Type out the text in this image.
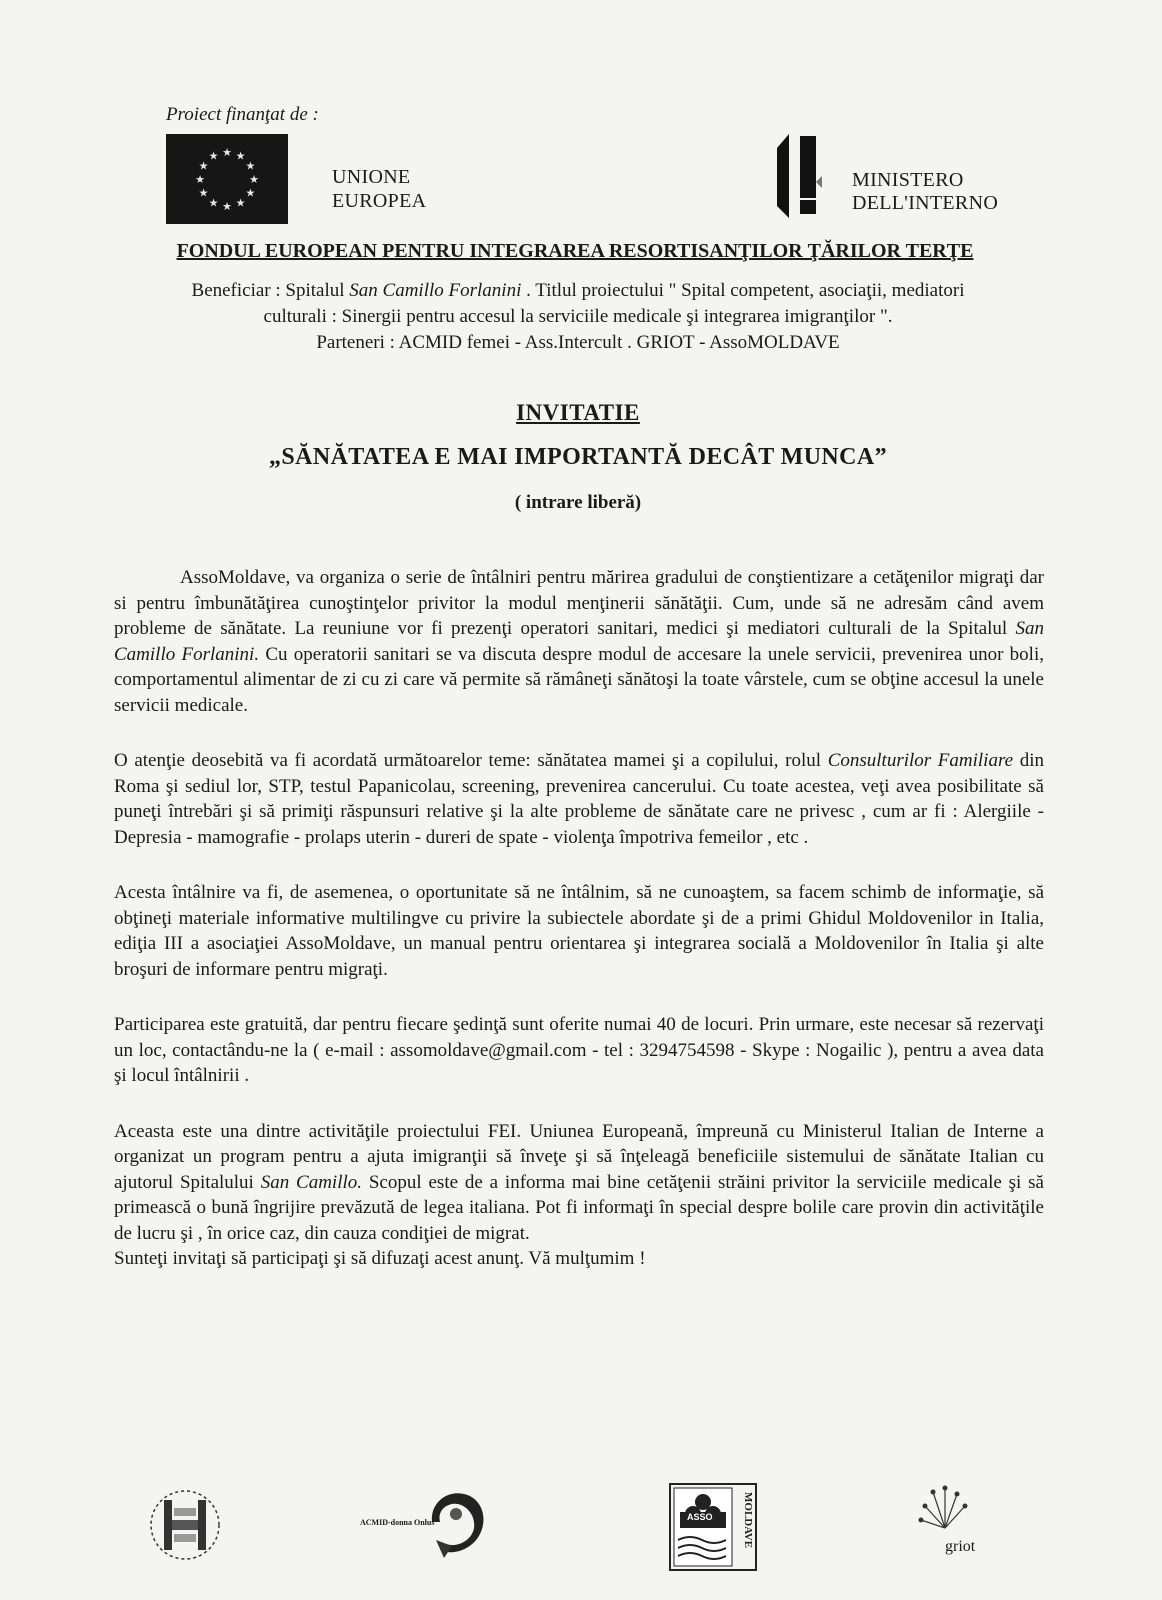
Proiect finanţat de :
★ ★
★
★
★
★
★
★
★
★
★
★
UNIONE
EUROPEA
MINISTERO
DELL'INTERNO
FONDUL EUROPEAN PENTRU INTEGRAREA RESORTISANŢILOR ŢĂRILOR TERŢE
Beneficiar : Spitalul San Camillo Forlanini . Titlul proiectului " Spital competent, asociaţii, mediatori
culturali : Sinergii pentru accesul la serviciile medicale şi integrarea imigranţilor ".
Parteneri : ACMID femei - Ass.Intercult . GRIOT - AssoMOLDAVE
INVITATIE
„SĂNĂTATEA E MAI IMPORTANTĂ DECÂT MUNCA”
( intrare liberă)

AssoMoldave, va organiza o serie de întâlniri pentru mărirea gradului de conştientizare a cetăţenilor migraţi dar si pentru îmbunătăţirea cunoştinţelor privitor la modul menţinerii sănătăţii. Cum, unde să ne adresăm când avem probleme de sănătate. La reuniune vor fi prezenţi operatori sanitari, medici şi mediatori culturali de la Spitalul San Camillo Forlanini. Cu operatorii sanitari se va discuta despre modul de accesare la unele servicii, prevenirea unor boli, comportamentul alimentar de zi cu zi care vă permite să rămâneţi sănătoşi la toate vârstele, cum se obţine accesul la unele servicii medicale.

O atenţie deosebită va fi acordată următoarelor teme: sănătatea mamei şi a copilului, rolul Consulturilor Familiare din Roma şi sediul lor, STP, testul Papanicolau, screening, prevenirea cancerului. Cu toate acestea, veţi avea posibilitate să puneţi întrebări şi să primiţi răspunsuri relative şi la alte probleme de sănătate care ne privesc , cum ar fi : Alergiile - Depresia - mamografie - prolaps uterin - dureri de spate - violenţa împotriva femeilor , etc .

Acesta întâlnire va fi, de asemenea, o oportunitate să ne întâlnim, să ne cunoaştem, sa facem schimb de informaţie, să obţineţi materiale informative multilingve cu privire la subiectele abordate şi de a primi Ghidul Moldovenilor in Italia, ediţia III a asociaţiei AssoMoldave, un manual pentru orientarea şi integrarea socială a Moldovenilor în Italia şi alte broşuri de informare pentru migraţi.

Participarea este gratuită, dar pentru fiecare şedinţă sunt oferite numai 40 de locuri. Prin urmare, este necesar să rezervaţi un loc, contactându-ne la ( e-mail : assomoldave@gmail.com - tel : 3294754598 - Skype : Nogailic ), pentru a avea data şi locul întâlnirii .

Aceasta este una dintre activităţile proiectului FEI. Uniunea Europeană, împreună cu Ministerul Italian de Interne a organizat un program pentru a ajuta imigranţii să înveţe şi să înţeleagă beneficiile sistemului de sănătate Italian cu ajutorul Spitalului San Camillo. Scopul este de a informa mai bine cetăţenii străini privitor la serviciile medicale şi să primească o bună îngrijire prevăzută de legea italiana. Pot fi informaţi în special despre bolile care provin din activităţile de lucru şi , în orice caz, din cauza condiţiei de migrat.

Sunteţi invitaţi să participaţi şi să difuzaţi acest anunţ. Vă mulţumim !

ACMID-donna Onlus	MOLDAVE
ASSO
griot
